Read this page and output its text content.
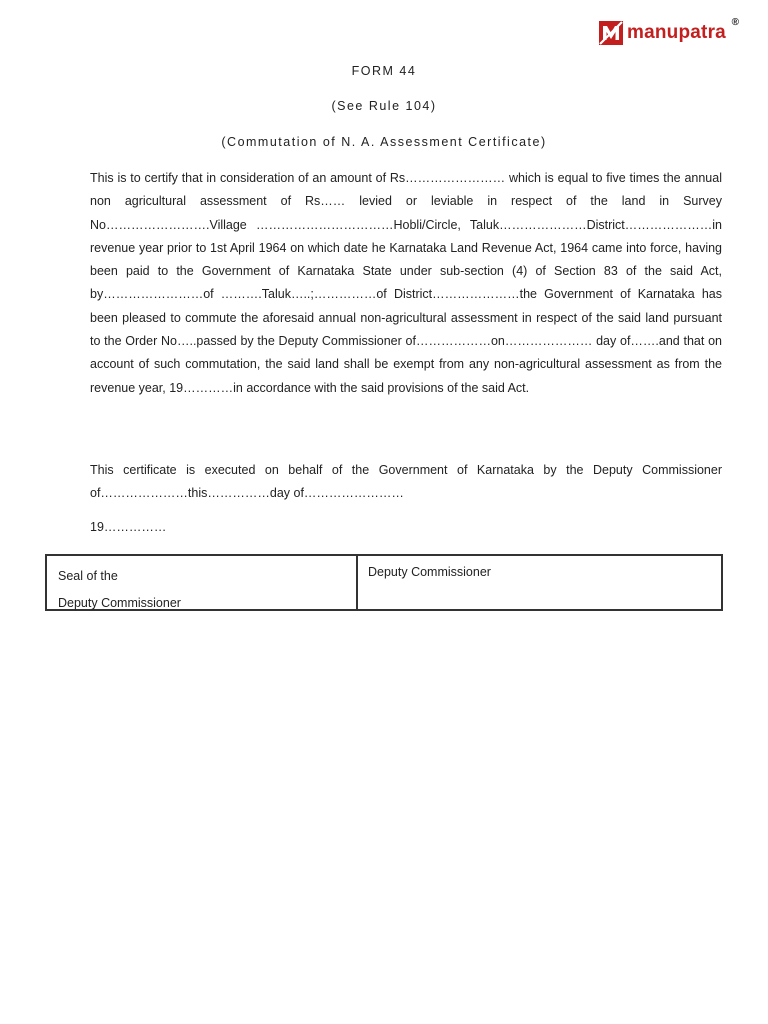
manupatra ®
FORM 44
(See Rule 104)
(Commutation of N. A. Assessment Certificate)

This is to certify that in consideration of an amount of Rs…………………… which is equal to five times the annual non agricultural assessment of Rs…… levied or leviable in respect of the land in Survey No…………………….Village ……………………………Hobli/Circle, Taluk…………………District…………………in revenue year prior to 1st April 1964 on which date he Karnataka Land Revenue Act, 1964 came into force, having been paid to the Government of Karnataka State under sub-section (4) of Section 83 of the said Act, by……………………of ……….Taluk…..;……………of District…………………the Government of Karnataka has been pleased to commute the aforesaid annual non-agricultural assessment in respect of the said land pursuant to the Order No…..passed by the Deputy Commissioner of………………on………………… day of…….and that on account of such commutation, the said land shall be exempt from any non-agricultural assessment as from the revenue year, 19…………in accordance with the said provisions of the said Act.

This certificate is executed on behalf of the Government of Karnataka by the Deputy Commissioner of…………………this……………day of……………………

19……………
Seal of the
Deputy Commissioner
Deputy Commissioner
